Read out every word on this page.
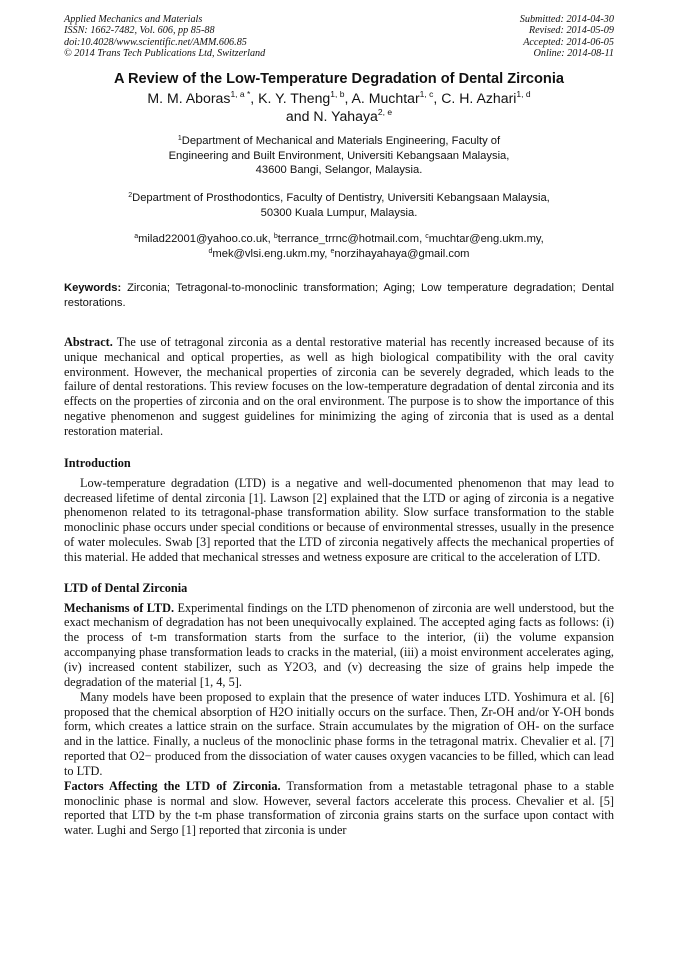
Applied Mechanics and Materials
ISSN: 1662-7482, Vol. 606, pp 85-88
doi:10.4028/www.scientific.net/AMM.606.85
© 2014 Trans Tech Publications Ltd, Switzerland
Submitted: 2014-04-30
Revised: 2014-05-09
Accepted: 2014-06-05
Online: 2014-08-11
A Review of the Low-Temperature Degradation of Dental Zirconia
M. M. Aboras$^{1, a *}$, K. Y. Theng$^{1, b}$, A. Muchtar$^{1, c}$, C. H. Azhari$^{1, d}$
and N. Yahaya$^{2, e}$
$^1$Department of Mechanical and Materials Engineering, Faculty of
Engineering and Built Environment, Universiti Kebangsaan Malaysia,
43600 Bangi, Selangor, Malaysia.
$^2$Department of Prosthodontics, Faculty of Dentistry, Universiti Kebangsaan Malaysia,
50300 Kuala Lumpur, Malaysia.
$^a$milad22001@yahoo.co.uk, $^b$terrance_trrnc@hotmail.com, $^c$muchtar@eng.ukm.my,
$^d$mek@vlsi.eng.ukm.my, $^e$norzihayahaya@gmail.com

Keywords: Zirconia; Tetragonal-to-monoclinic transformation; Aging; Low temperature degradation; Dental restorations.

Abstract. The use of tetragonal zirconia as a dental restorative material has recently increased because of its unique mechanical and optical properties, as well as high biological compatibility with the oral cavity environment. However, the mechanical properties of zirconia can be severely degraded, which leads to the failure of dental restorations. This review focuses on the low-temperature degradation of dental zirconia and its effects on the properties of zirconia and on the oral environment. The purpose is to show the importance of this negative phenomenon and suggest guidelines for minimizing the aging of zirconia that is used as a dental restoration material.

Introduction

Low-temperature degradation (LTD) is a negative and well-documented phenomenon that may lead to decreased lifetime of dental zirconia [1]. Lawson [2] explained that the LTD or aging of zirconia is a negative phenomenon related to its tetragonal-phase transformation ability. Slow surface transformation to the stable monoclinic phase occurs under special conditions or because of environmental stresses, usually in the presence of water molecules. Swab [3] reported that the LTD of zirconia negatively affects the mechanical properties of this material. He added that mechanical stresses and wetness exposure are critical to the acceleration of LTD.

LTD of Dental Zirconia

Mechanisms of LTD. Experimental findings on the LTD phenomenon of zirconia are well understood, but the exact mechanism of degradation has not been unequivocally explained. The accepted aging facts as follows: (i) the process of t-m transformation starts from the surface to the interior, (ii) the volume expansion accompanying phase transformation leads to cracks in the material, (iii) a moist environment accelerates aging, (iv) increased content stabilizer, such as Y2O3, and (v) decreasing the size of grains help impede the degradation of the material [1, 4, 5].

Many models have been proposed to explain that the presence of water induces LTD. Yoshimura et al. [6] proposed that the chemical absorption of H2O initially occurs on the surface. Then, Zr-OH and/or Y-OH bonds form, which creates a lattice strain on the surface. Strain accumulates by the migration of OH- on the surface and in the lattice. Finally, a nucleus of the monoclinic phase forms in the tetragonal matrix. Chevalier et al. [7] reported that O2− produced from the dissociation of water causes oxygen vacancies to be filled, which can lead to LTD.

Factors Affecting the LTD of Zirconia. Transformation from a metastable tetragonal phase to a stable monoclinic phase is normal and slow. However, several factors accelerate this process. Chevalier et al. [5] reported that LTD by the t-m phase transformation of zirconia grains starts on the surface upon contact with water. Lughi and Sergo [1] reported that zirconia is under
